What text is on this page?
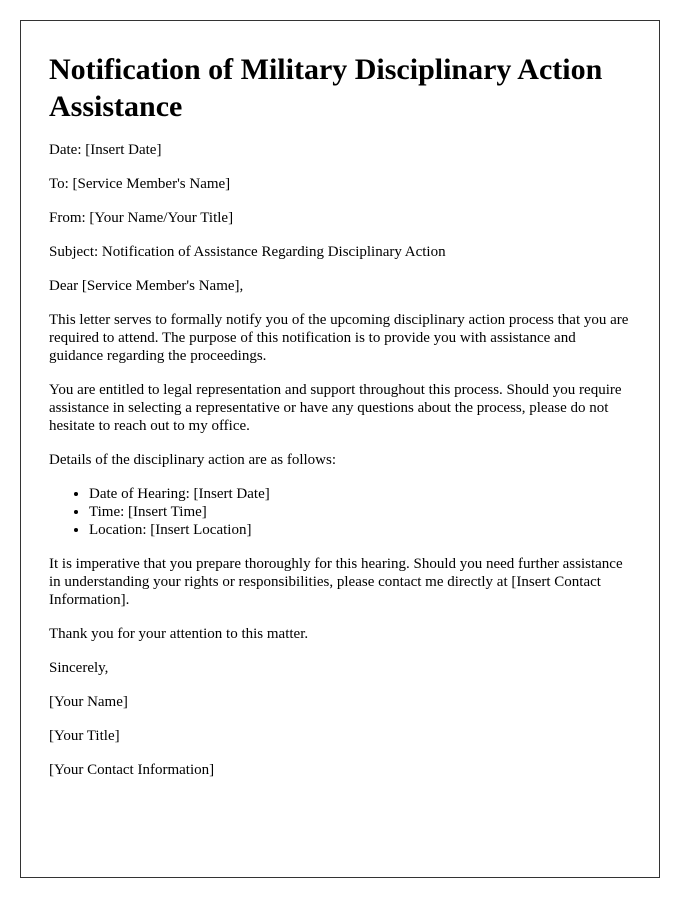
Notification of Military Disciplinary Action Assistance

Date: [Insert Date]

To: [Service Member's Name]

From: [Your Name/Your Title]

Subject: Notification of Assistance Regarding Disciplinary Action

Dear [Service Member's Name],

This letter serves to formally notify you of the upcoming disciplinary action process that you are required to attend. The purpose of this notification is to provide you with assistance and guidance regarding the proceedings.

You are entitled to legal representation and support throughout this process. Should you require assistance in selecting a representative or have any questions about the process, please do not hesitate to reach out to my office.

Details of the disciplinary action are as follows:

• Date of Hearing: [Insert Date]
• Time: [Insert Time]
• Location: [Insert Location]

It is imperative that you prepare thoroughly for this hearing. Should you need further assistance in understanding your rights or responsibilities, please contact me directly at [Insert Contact Information].

Thank you for your attention to this matter.

Sincerely,

[Your Name]

[Your Title]

[Your Contact Information]
